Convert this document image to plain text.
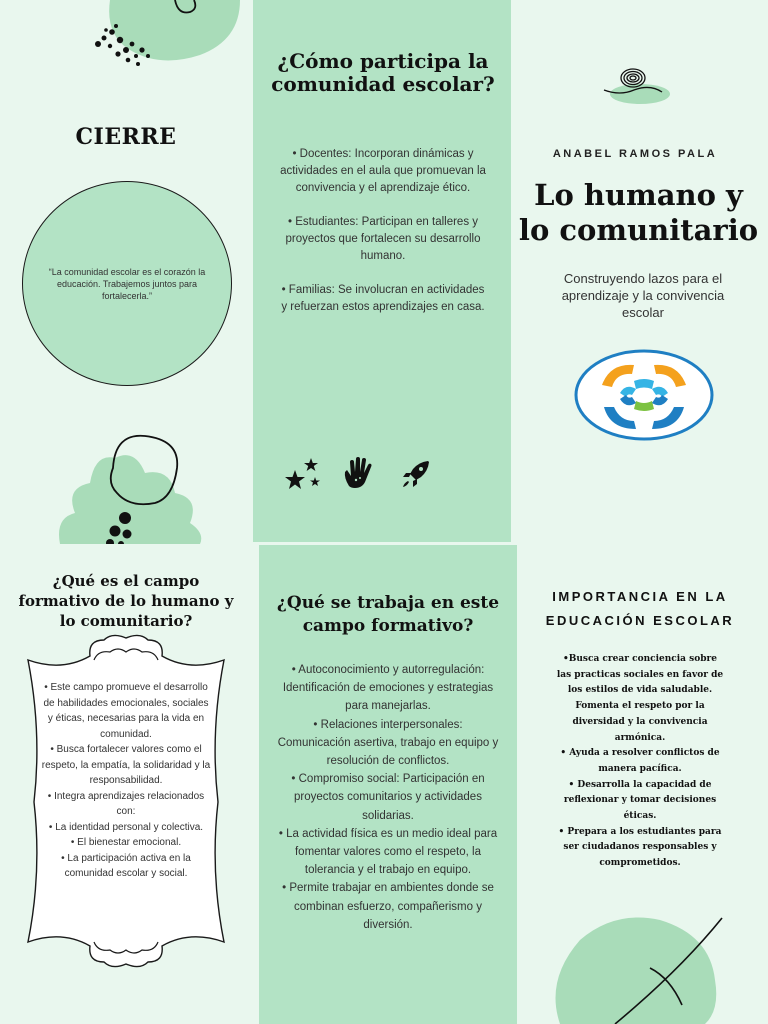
CIERRE
“La comunidad escolar es el corazón la educación. Trabajemos juntos para fortalecerla.”
¿Cómo participa la comunidad escolar?

• Docentes: Incorporan dinámicas y actividades en el aula que promuevan la convivencia y el aprendizaje ético.

• Estudiantes: Participan en talleres y proyectos que fortalecen su desarrollo humano.

• Familias: Se involucran en actividades y refuerzan estos aprendizajes en casa.

ANABEL RAMOS PALA
Lo humano y lo comunitario
Construyendo lazos para el aprendizaje y la convivencia escolar
¿Qué es el campo formativo de lo humano y lo comunitario?
• Este campo promueve el desarrollo de habilidades emocionales, sociales y éticas, necesarias para la vida en comunidad.
• Busca fortalecer valores como el respeto, la empatía, la solidaridad y la responsabilidad.
• Integra aprendizajes relacionados con:
• La identidad personal y colectiva.
• El bienestar emocional.
• La participación activa en la comunidad escolar y social.
¿Qué se trabaja en este campo formativo?
• Autoconocimiento y autorregulación: Identificación de emociones y estrategias para manejarlas.
• Relaciones interpersonales: Comunicación asertiva, trabajo en equipo y resolución de conflictos.
• Compromiso social: Participación en proyectos comunitarios y actividades solidarias.
• La actividad física es un medio ideal para fomentar valores como el respeto, la tolerancia y el trabajo en equipo.
• Permite trabajar en ambientes donde se combinan esfuerzo, compañerismo y diversión.
IMPORTANCIA EN LA EDUCACIÓN ESCOLAR
•Busca crear conciencia sobre las practicas sociales en favor de los estilos de vida saludable.
Fomenta el respeto por la diversidad y la convivencia armónica.
• Ayuda a resolver conflictos de manera pacífica.
• Desarrolla la capacidad de reflexionar y tomar decisiones éticas.
• Prepara a los estudiantes para ser ciudadanos responsables y comprometidos.
